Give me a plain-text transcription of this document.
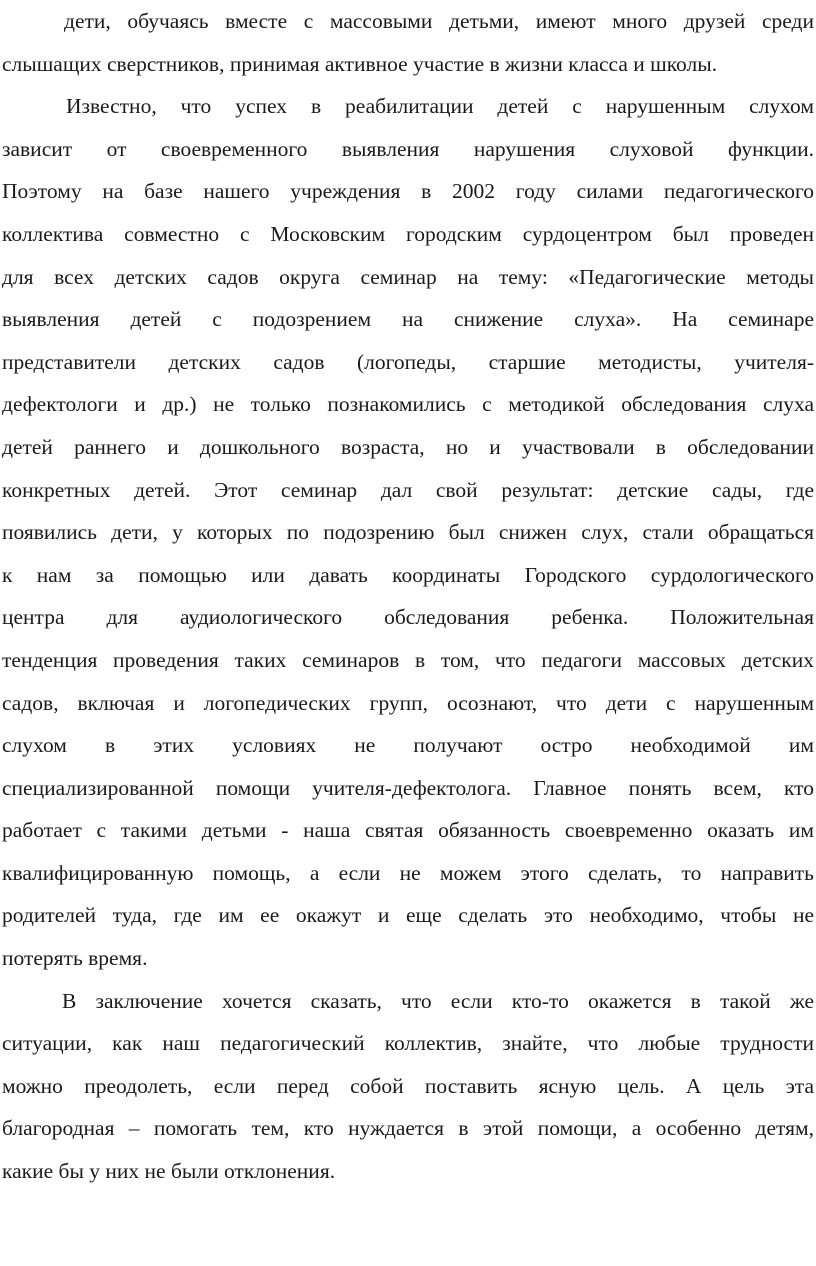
дети, обучаясь вместе с массовыми детьми, имеют много друзей среди
слышащих сверстников, принимая активное участие в жизни класса и школы.
Известно, что успех в реабилитации детей с нарушенным слухом
зависит от своевременного выявления нарушения слуховой функции.
Поэтому на базе нашего учреждения в 2002 году силами педагогического
коллектива совместно с Московским городским сурдоцентром был проведен
для всех детских садов округа семинар на тему: «Педагогические методы
выявления детей с подозрением на снижение слуха». На семинаре
представители детских садов (логопеды, старшие методисты, учителя-
дефектологи и др.) не только познакомились с методикой обследования слуха
детей раннего и дошкольного возраста, но и участвовали в обследовании
конкретных детей. Этот семинар дал свой результат: детские сады, где
появились дети, у которых по подозрению был снижен слух, стали обращаться
к нам за помощью или давать координаты Городского сурдологического
центра для аудиологического обследования ребенка. Положительная
тенденция проведения таких семинаров в том, что педагоги массовых детских
садов, включая и логопедических групп, осознают, что дети с нарушенным
слухом в этих условиях не получают остро необходимой им
специализированной помощи учителя-дефектолога. Главное понять всем, кто
работает с такими детьми - наша святая обязанность своевременно оказать им
квалифицированную помощь, а если не можем этого сделать, то направить
родителей туда, где им ее окажут и еще сделать это необходимо, чтобы не
потерять время.
В заключение хочется сказать, что если кто-то окажется в такой же
ситуации, как наш педагогический коллектив, знайте, что любые трудности
можно преодолеть, если перед собой поставить ясную цель. А цель эта
благородная – помогать тем, кто нуждается в этой помощи, а особенно детям,
какие бы у них не были отклонения.
